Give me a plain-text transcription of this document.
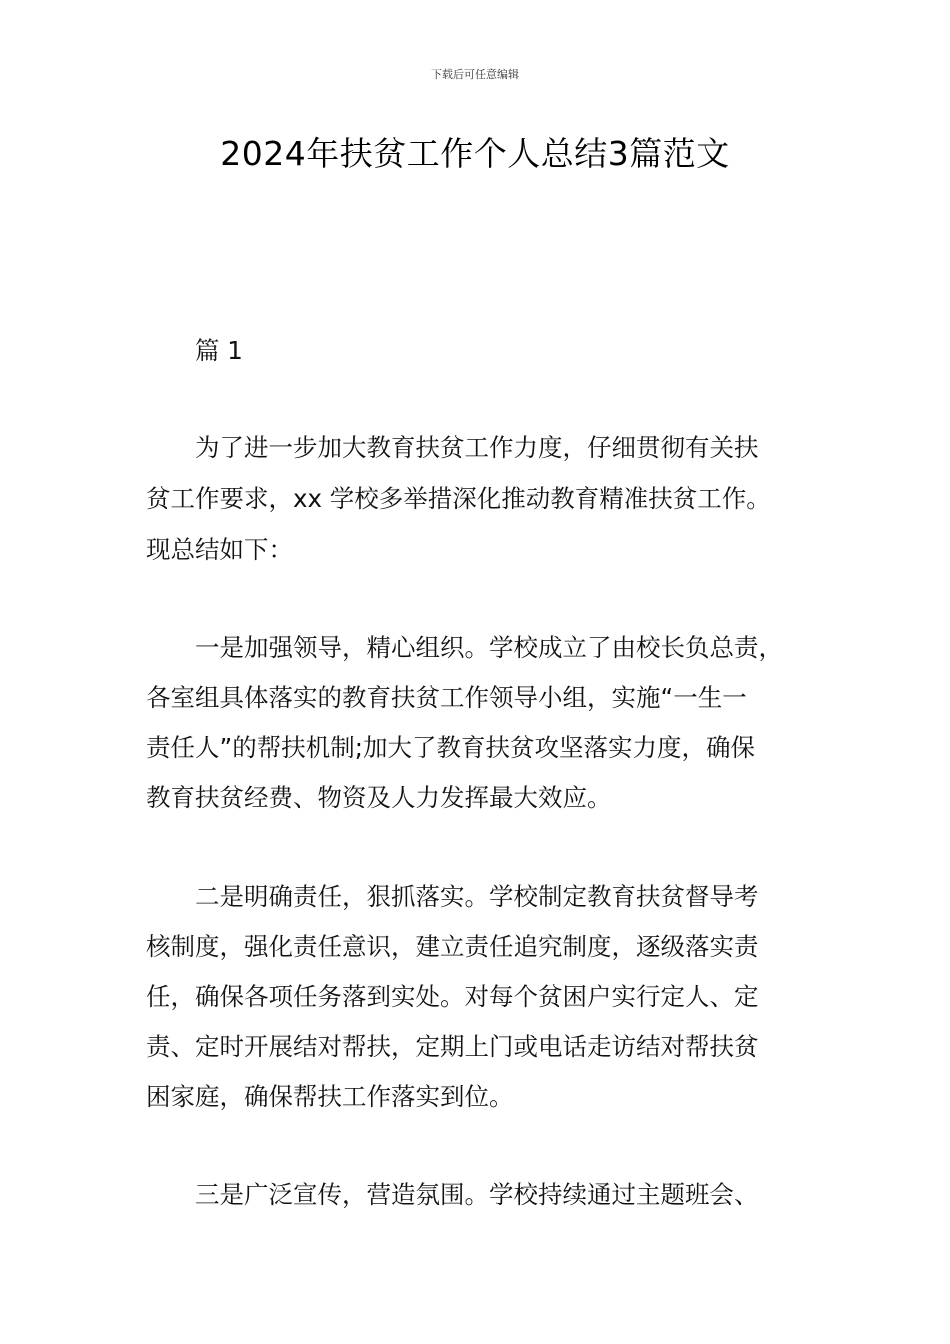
下载后可任意编辑
2024年扶贫工作个人总结3篇范文
篇 1
为了进一步加大教育扶贫工作力度，仔细贯彻有关扶
贫工作要求，xx 学校多举措深化推动教育精准扶贫工作。
现总结如下：
一是加强领导，精心组织。学校成立了由校长负总责，
各室组具体落实的教育扶贫工作领导小组，实施“一生一
责任人”的帮扶机制;加大了教育扶贫攻坚落实力度，确保
教育扶贫经费、物资及人力发挥最大效应。
二是明确责任，狠抓落实。学校制定教育扶贫督导考
核制度，强化责任意识，建立责任追究制度，逐级落实责
任，确保各项任务落到实处。对每个贫困户实行定人、定
责、定时开展结对帮扶，定期上门或电话走访结对帮扶贫
困家庭，确保帮扶工作落实到位。
三是广泛宣传，营造氛围。学校持续通过主题班会、
